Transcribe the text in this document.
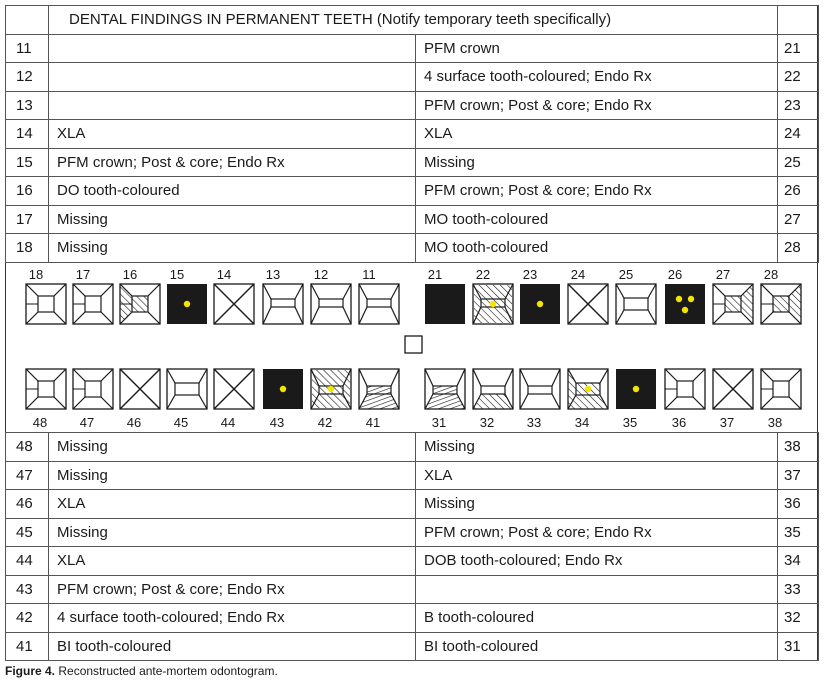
	DENTAL FINDINGS IN PERMANENT TEETH (Notify temporary teeth specifically)		
11		PFM crown	21
12		4 surface tooth-coloured; Endo Rx	22
13		PFM crown; Post & core; Endo Rx	23
14	XLA	XLA	24
15	PFM crown; Post & core; Endo Rx	Missing	25
16	DO tooth-coloured	PFM crown; Post & core; Endo Rx	26
17	Missing	MO tooth-coloured	27
18	Missing	MO tooth-coloured	28
18	17	16	15	14	13	12	11	21	22	23	24	25	26	27	28
48	47	46	45	44	43	42	41	31	32	33	34	35	36	37	38
48	Missing	Missing	38
47	Missing	XLA	37
46	XLA	Missing	36
45	Missing	PFM crown; Post & core; Endo Rx	35
44	XLA	DOB tooth-coloured; Endo Rx	34
43	PFM crown; Post & core; Endo Rx		33
42	4 surface tooth-coloured; Endo Rx	B tooth-coloured	32
41	BI tooth-coloured	BI tooth-coloured	31
Figure 4. Reconstructed ante-mortem odontogram.
